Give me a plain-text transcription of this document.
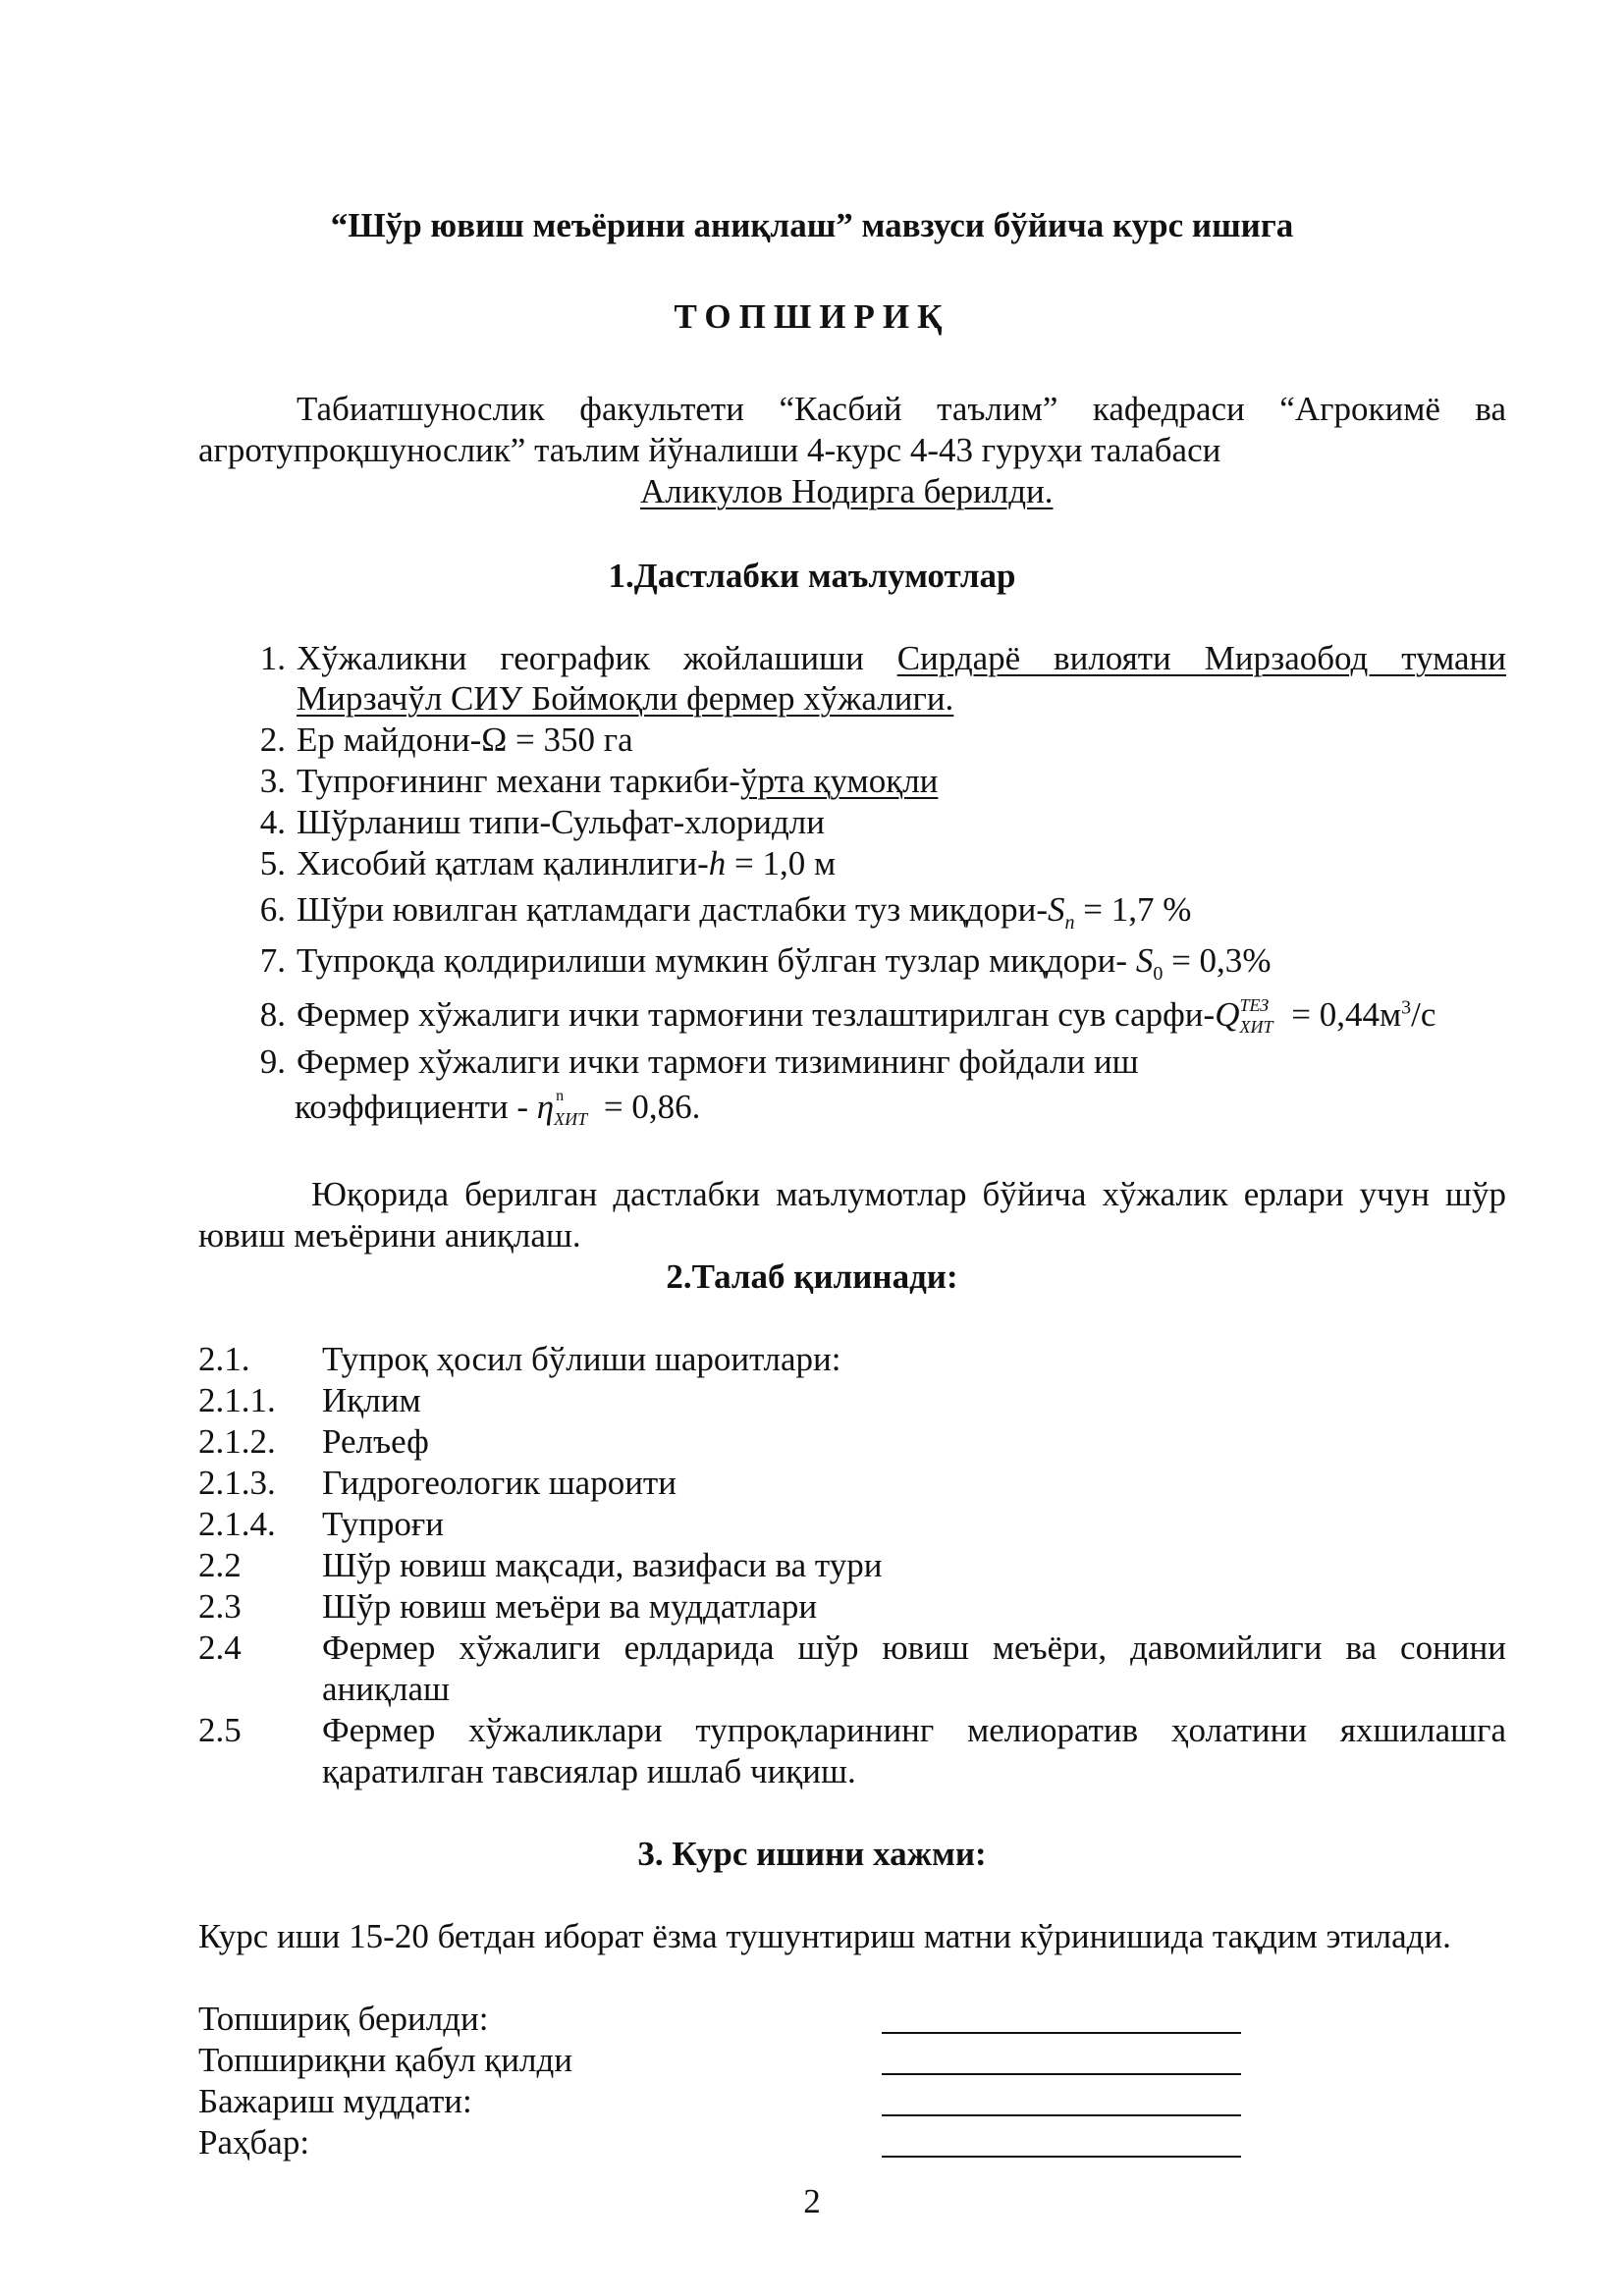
“Шўр ювиш меъёрини аниқлаш” мавзуси бўйича курс ишига
ТОПШИРИҚ
Табиатшунослик факультети “Касбий таълим” кафедраси “Агрокимё ва
агротупроқшунослик” таълим йўналиши 4-курс 4-43 гуруҳи талабаси
Аликулов Нодирга берилди.
1.Дастлабки маълумотлар
1. Хўжаликни географик жойлашиши Сирдарё вилояти Мирзаобод тумани
Мирзачўл СИУ Боймоқли фермер хўжалиги.
2. Ер майдони-Ω = 350 га
3. Тупроғининг механи таркиби-ўрта қумоқли
4. Шўрланиш типи-Сульфат-хлоридли
5. Хисобий қатлам қалинлиги-h = 1,0 м
6. Шўри ювилган қатламдаги дастлабки туз миқдори-$S_n = 1,7$ %
7. Тупроқда қолдирилиши мумкин бўлган тузлар миқдори- $S_0 = 0,3\%$
8. Фермер хўжалиги ички тармоғини тезлаштирилган сув сарфи-Q ТЕЗ
ХИТ = $0,44м^3/с$
9. Фермер хўжалиги ички тармоғи тизимининг фойдали иш
коэффициенти - η n
ХИТ = 0,86.
Юқорида берилган дастлабки маълумотлар бўйича хўжалик ерлари учун шўр
ювиш меъёрини аниқлаш.
2.Талаб қилинади:
2.1. Тупроқ ҳосил бўлиши шароитлари:
2.1.1. Иқлим
2.1.2. Релъеф
2.1.3. Гидрогеологик шароити
2.1.4. Тупроғи
2.2 Шўр ювиш мақсади, вазифаси ва тури
2.3 Шўр ювиш меъёри ва муддатлари
2.4 Фермер хўжалиги ерлдарида шўр ювиш меъёри, давомийлиги ва сонини
аниқлаш
2.5 Фермер хўжаликлари тупроқларининг мелиоратив ҳолатини яхшилашга
қаратилган тавсиялар ишлаб чиқиш.
3. Курс ишини хажми:
Курс иши 15-20 бетдан иборат ёзма тушунтириш матни кўринишида тақдим этилади.
Топшириқ берилди:
Топшириқни қабул қилди
Бажариш муддати:
Раҳбар:
2
